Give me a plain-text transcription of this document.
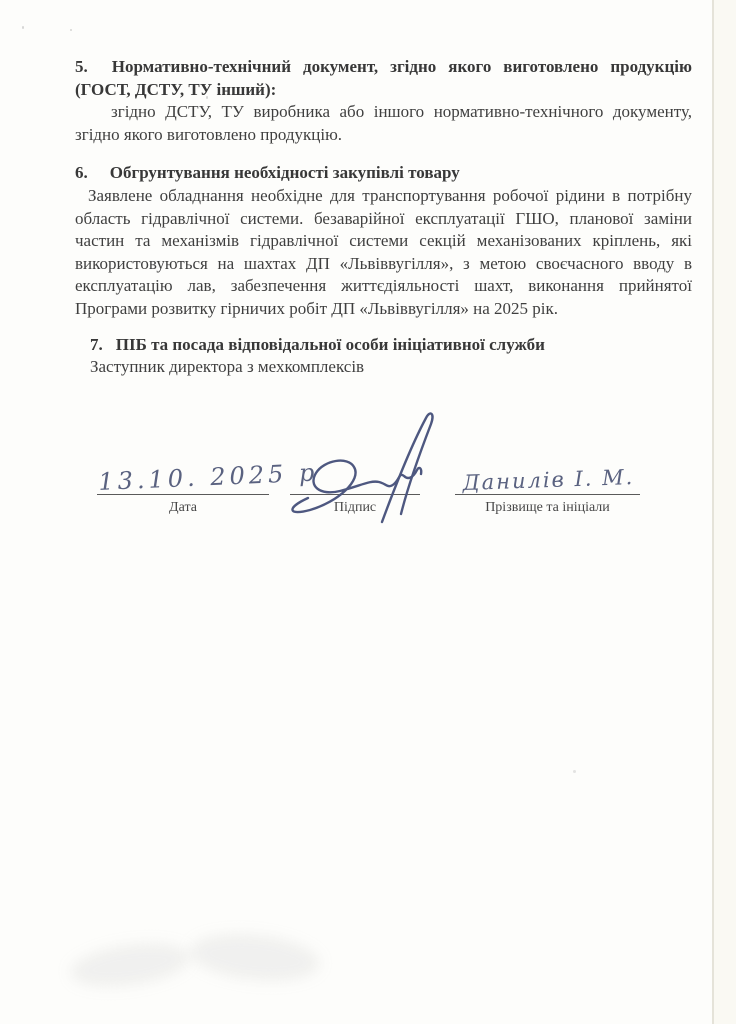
5. Нормативно-технічний документ, згідно якого виготовлено продукцію (ГОСТ, ДСТУ, ТУ інший):

згідно ДСТУ, ТУ виробника або іншого нормативно-технічного документу, згідно якого виготовлено продукцію.

6. Обгрунтування необхідності закупівлі товару

Заявлене обладнання необхідне для транспортування робочої рідини в потрібну область гідравлічної системи. безаварійної експлуатації ГШО, планової заміни частин та механізмів гідравлічної системи секцій механізованих кріплень, які використовуються на шахтах ДП «Львіввугілля», з метою своєчасного вводу в експлуатацію лав, забезпечення життєдіяльності шахт, виконання прийнятої Програми розвитку гірничих робіт ДП «Львіввугілля» на 2025 рік.

7. ПІБ та посада відповідальної особи ініціативної служби

Заступник директора з мехкомплексів

13.10. 2025 р
Дата	Підпис
Данилів І. М.
Прізвище та ініціали
